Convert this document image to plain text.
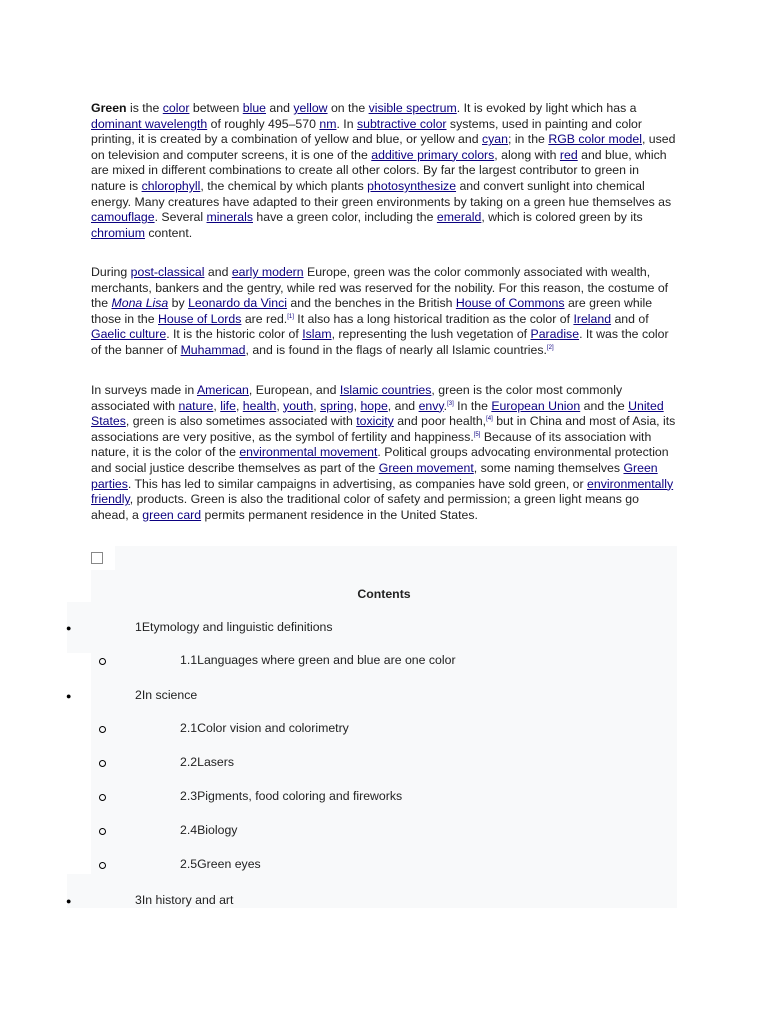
Green is the color between blue and yellow on the visible spectrum. It is evoked by light which has a dominant wavelength of roughly 495–570 nm. In subtractive color systems, used in painting and color printing, it is created by a combination of yellow and blue, or yellow and cyan; in the RGB color model, used on television and computer screens, it is one of the additive primary colors, along with red and blue, which are mixed in different combinations to create all other colors. By far the largest contributor to green in nature is chlorophyll, the chemical by which plants photosynthesize and convert sunlight into chemical energy. Many creatures have adapted to their green environments by taking on a green hue themselves as camouflage. Several minerals have a green color, including the emerald, which is colored green by its chromium content.

During post-classical and early modern Europe, green was the color commonly associated with wealth, merchants, bankers and the gentry, while red was reserved for the nobility. For this reason, the costume of the Mona Lisa by Leonardo da Vinci and the benches in the British House of Commons are green while those in the House of Lords are red.[1] It also has a long historical tradition as the color of Ireland and of Gaelic culture. It is the historic color of Islam, representing the lush vegetation of Paradise. It was the color of the banner of Muhammad, and is found in the flags of nearly all Islamic countries.[2]

In surveys made in American, European, and Islamic countries, green is the color most commonly associated with nature, life, health, youth, spring, hope, and envy.[3] In the European Union and the United States, green is also sometimes associated with toxicity and poor health,[4] but in China and most of Asia, its associations are very positive, as the symbol of fertility and happiness.[5] Because of its association with nature, it is the color of the environmental movement. Political groups advocating environmental protection and social justice describe themselves as part of the Green movement, some naming themselves Green parties. This has led to similar campaigns in advertising, as companies have sold green, or environmentally friendly, products. Green is also the traditional color of safety and permission; a green light means go ahead, a green card permits permanent residence in the United States.

Contents
●	1Etymology and linguistic definitions
1.1Languages where green and blue are one color
●	2In science
2.1Color vision and colorimetry
2.2Lasers
2.3Pigments, food coloring and fireworks
2.4Biology
2.5Green eyes
●	3In history and art
